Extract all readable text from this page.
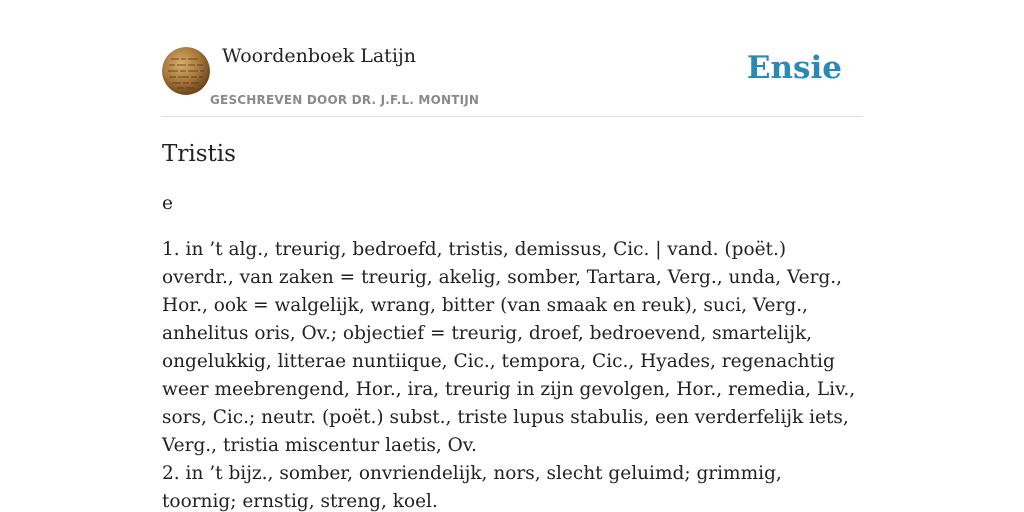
Woordenboek Latijn
GESCHREVEN DOOR DR. J.F.L. MONTIJN
Ensie
Tristis
e

1. in ’t alg., treurig, bedroefd, tristis, demissus, Cic. | vand. (poët.) overdr., van zaken = treurig, akelig, somber, Tartara, Verg., unda, Verg., Hor., ook = walgelijk, wrang, bitter (van smaak en reuk), suci, Verg., anhelitus oris, Ov.; objectief = treurig, droef, bedroevend, smartelijk, ongelukkig, litterae nuntiique, Cic., tempora, Cic., Hyades, regenachtig weer meebrengend, Hor., ira, treurig in zijn gevolgen, Hor., remedia, Liv., sors, Cic.; neutr. (poët.) subst., triste lupus stabulis, een verderfelijk iets, Verg., tristia miscentur laetis, Ov.

2. in ’t bijz., somber, onvriendelijk, nors, slecht geluimd; grimmig, toornig; ernstig, streng, koel.
